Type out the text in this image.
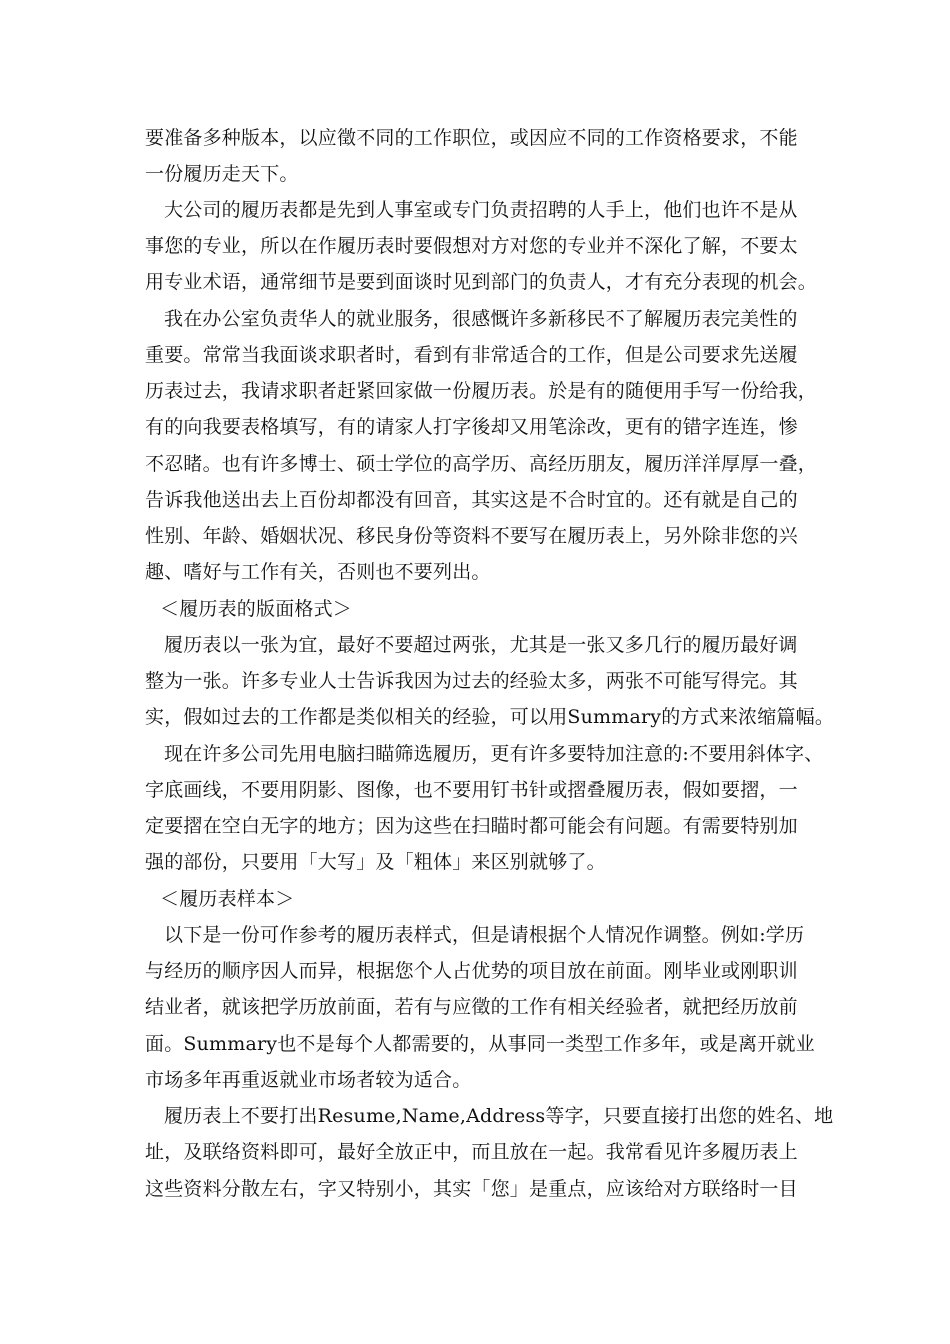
要准备多种版本，以应徵不同的工作职位，或因应不同的工作资格要求，不能
一份履历走天下。
大公司的履历表都是先到人事室或专门负责招聘的人手上，他们也许不是从
事您的专业，所以在作履历表时要假想对方对您的专业并不深化了解，不要太
用专业术语，通常细节是要到面谈时见到部门的负责人，才有充分表现的机会。
我在办公室负责华人的就业服务，很感慨许多新移民不了解履历表完美性的
重要。常常当我面谈求职者时，看到有非常适合的工作，但是公司要求先送履
历表过去，我请求职者赶紧回家做一份履历表。於是有的随便用手写一份给我，
有的向我要表格填写，有的请家人打字後却又用笔涂改，更有的错字连连，惨
不忍睹。也有许多博士、硕士学位的高学历、高经历朋友，履历洋洋厚厚一叠，
告诉我他送出去上百份却都没有回音，其实这是不合时宜的。还有就是自己的
性别、年龄、婚姻状况、移民身份等资料不要写在履历表上，另外除非您的兴
趣、嗜好与工作有关，否则也不要列出。
＜履历表的版面格式＞
履历表以一张为宜，最好不要超过两张，尤其是一张又多几行的履历最好调
整为一张。许多专业人士告诉我因为过去的经验太多，两张不可能写得完。其
实，假如过去的工作都是类似相关的经验，可以用Summary的方式来浓缩篇幅。
现在许多公司先用电脑扫瞄筛选履历，更有许多要特加注意的:不要用斜体字、
字底画线，不要用阴影、图像，也不要用钉书针或摺叠履历表，假如要摺，一
定要摺在空白无字的地方；因为这些在扫瞄时都可能会有问题。有需要特别加
强的部份，只要用「大写」及「粗体」来区别就够了。
＜履历表样本＞
以下是一份可作参考的履历表样式，但是请根据个人情况作调整。例如:学历
与经历的顺序因人而异，根据您个人占优势的项目放在前面。刚毕业或刚职训
结业者，就该把学历放前面，若有与应徵的工作有相关经验者，就把经历放前
面。Summary也不是每个人都需要的，从事同一类型工作多年，或是离开就业
市场多年再重返就业市场者较为适合。
履历表上不要打出Resume,Name,Address等字，只要直接打出您的姓名、地
址，及联络资料即可，最好全放正中，而且放在一起。我常看见许多履历表上
这些资料分散左右，字又特别小，其实「您」是重点，应该给对方联络时一目
